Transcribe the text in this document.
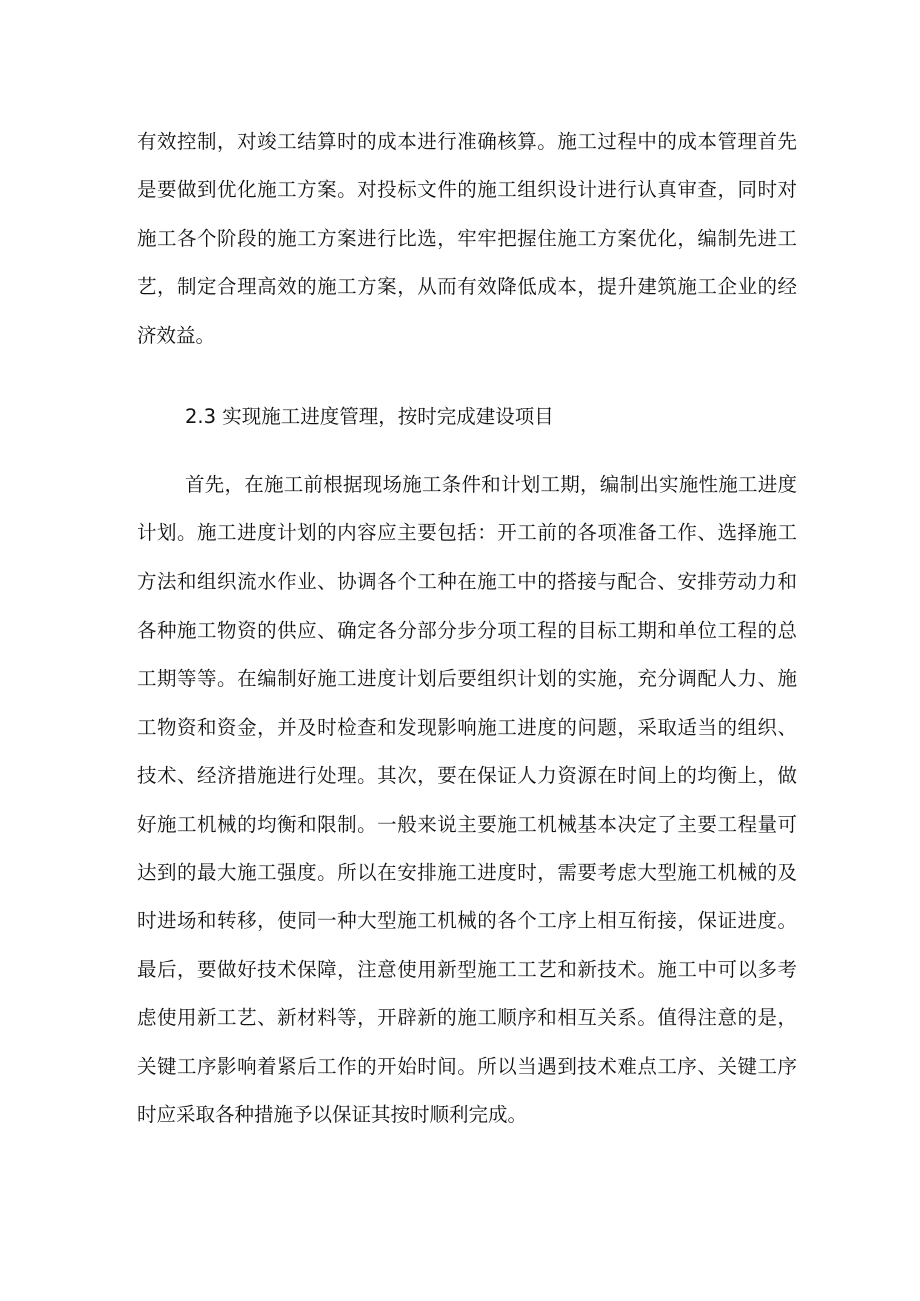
有效控制，对竣工结算时的成本进行准确核算。施工过程中的成本管理首先
是要做到优化施工方案。对投标文件的施工组织设计进行认真审查，同时对
施工各个阶段的施工方案进行比选，牢牢把握住施工方案优化，编制先进工
艺，制定合理高效的施工方案，从而有效降低成本，提升建筑施工企业的经
济效益。
2.3 实现施工进度管理，按时完成建设项目
首先，在施工前根据现场施工条件和计划工期，编制出实施性施工进度
计划。施工进度计划的内容应主要包括：开工前的各项准备工作、选择施工
方法和组织流水作业、协调各个工种在施工中的搭接与配合、安排劳动力和
各种施工物资的供应、确定各分部分步分项工程的目标工期和单位工程的总
工期等等。在编制好施工进度计划后要组织计划的实施，充分调配人力、施
工物资和资金，并及时检查和发现影响施工进度的问题，采取适当的组织、
技术、经济措施进行处理。其次，要在保证人力资源在时间上的均衡上，做
好施工机械的均衡和限制。一般来说主要施工机械基本决定了主要工程量可
达到的最大施工强度。所以在安排施工进度时，需要考虑大型施工机械的及
时进场和转移，使同一种大型施工机械的各个工序上相互衔接，保证进度。
最后，要做好技术保障，注意使用新型施工工艺和新技术。施工中可以多考
虑使用新工艺、新材料等，开辟新的施工顺序和相互关系。值得注意的是，
关键工序影响着紧后工作的开始时间。所以当遇到技术难点工序、关键工序
时应采取各种措施予以保证其按时顺利完成。
